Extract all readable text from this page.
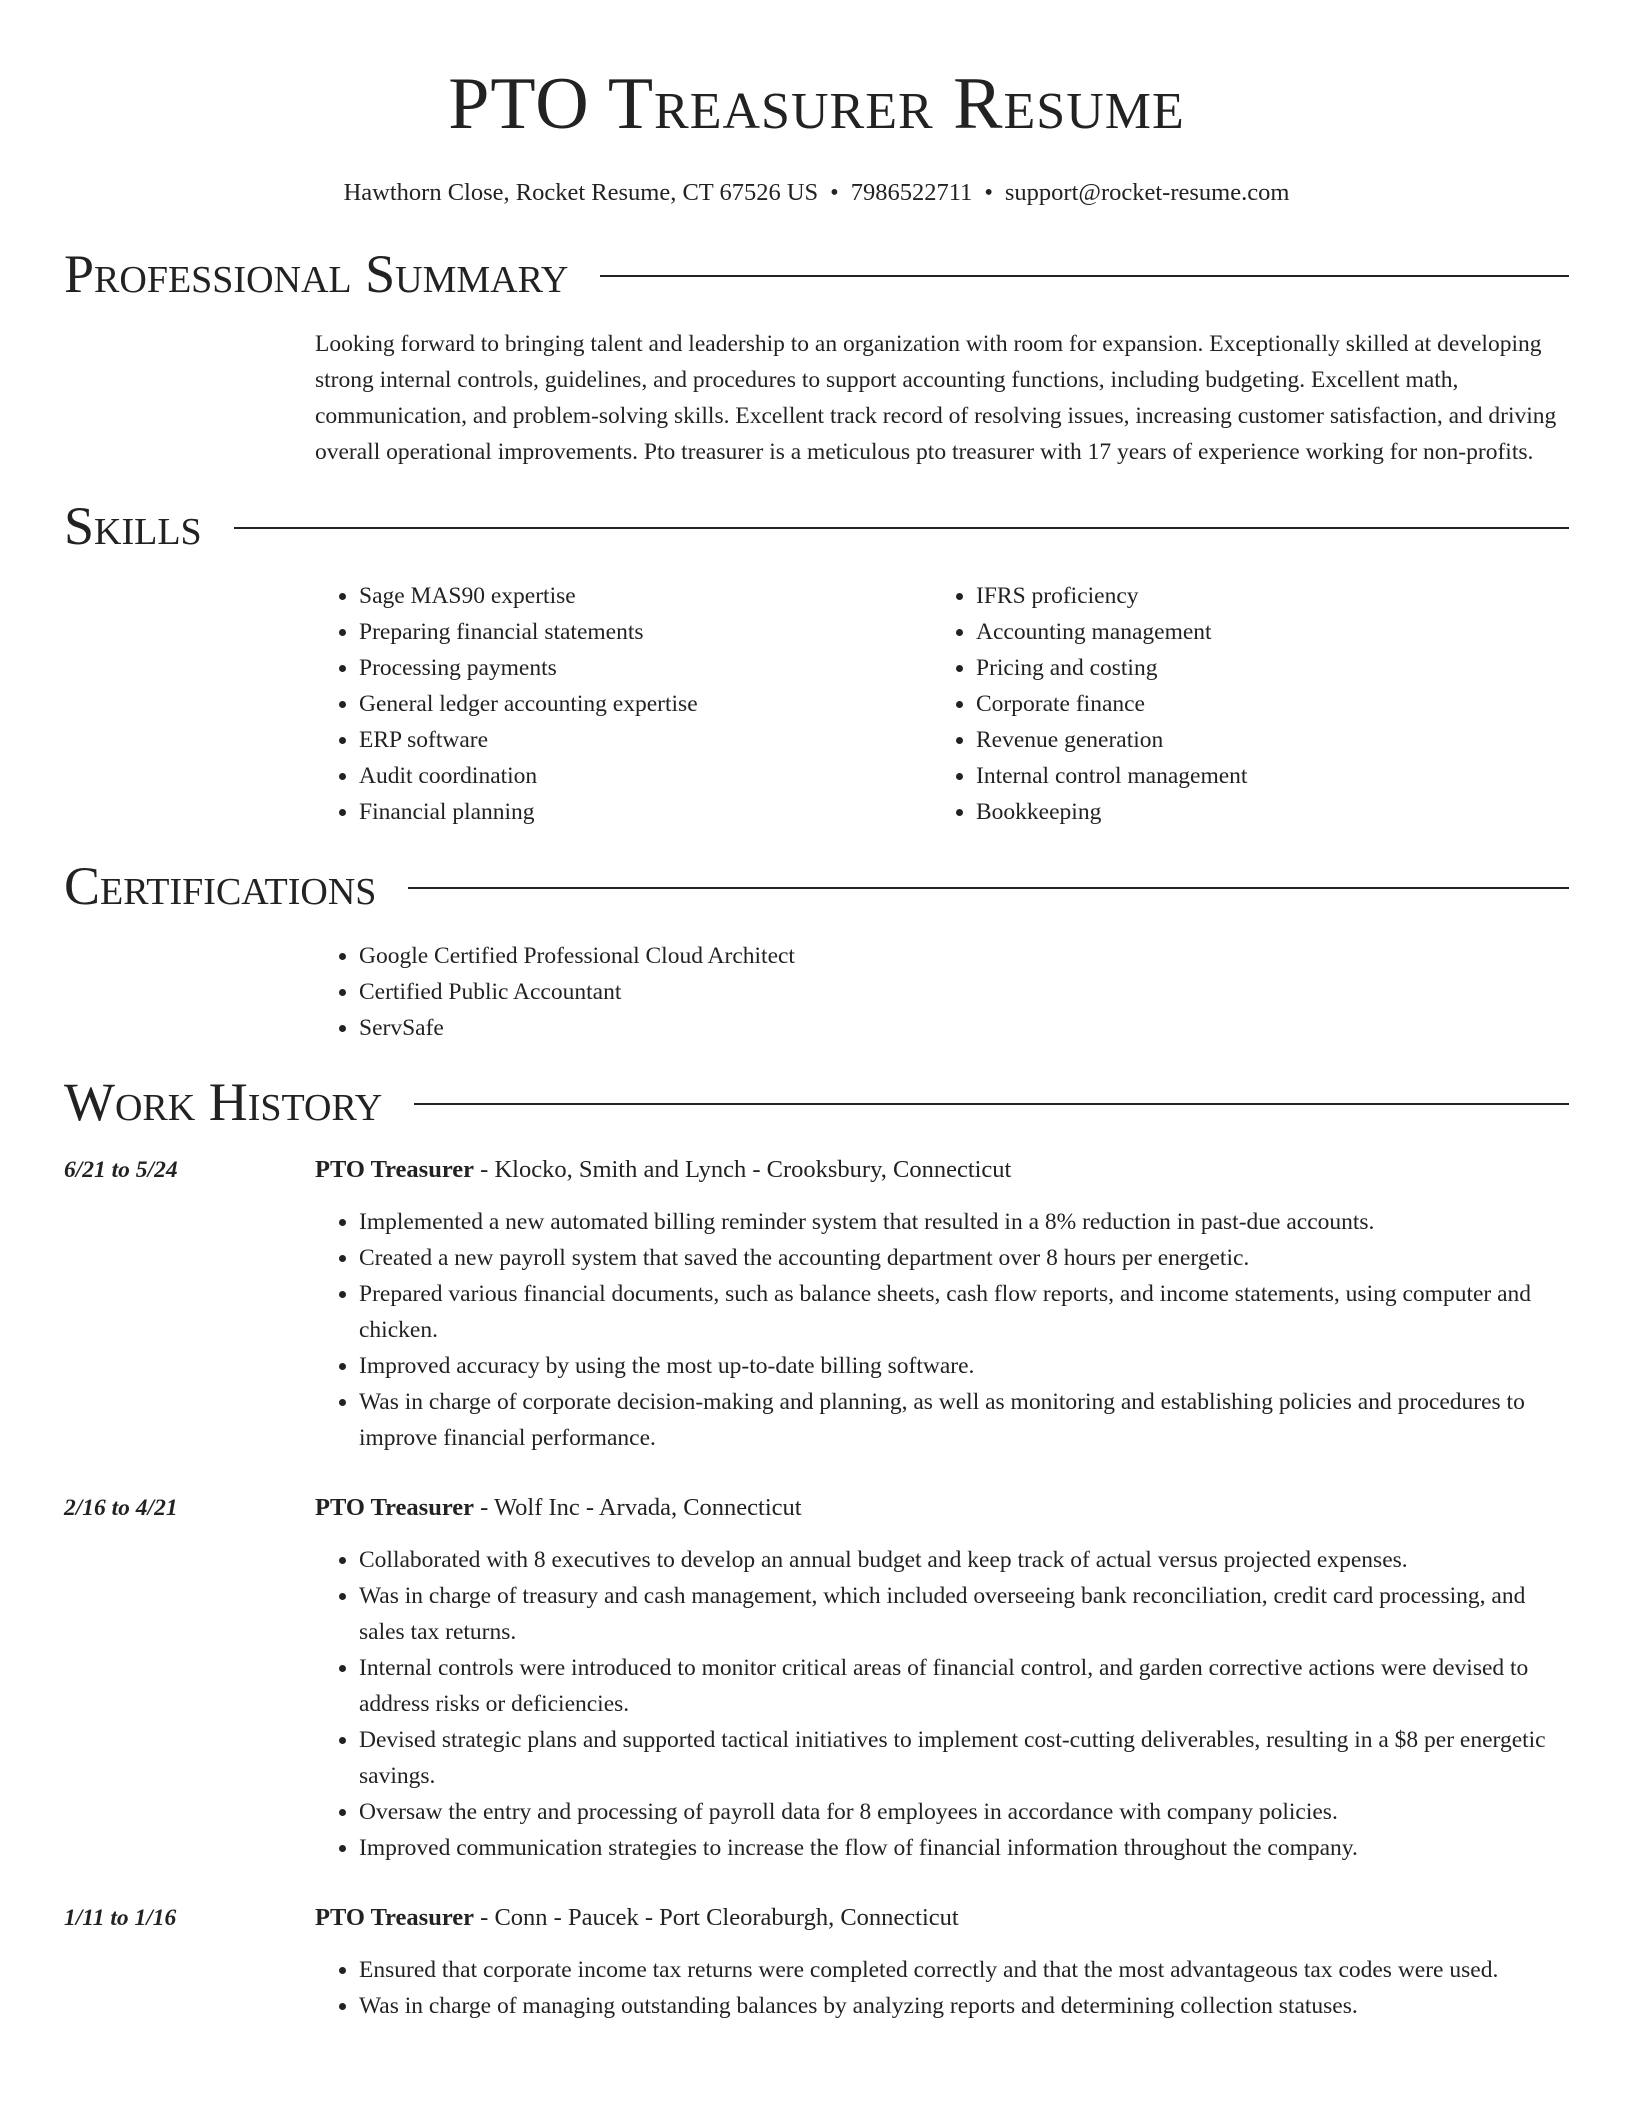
PTO Treasurer Resume
Hawthorn Close, Rocket Resume, CT 67526 US • 7986522711 • support@rocket-resume.com
Professional Summary

Looking forward to bringing talent and leadership to an organization with room for expansion. Exceptionally skilled at developing strong internal controls, guidelines, and procedures to support accounting functions, including budgeting. Excellent math, communication, and problem-solving skills. Excellent track record of resolving issues, increasing customer satisfaction, and driving overall operational improvements. Pto treasurer is a meticulous pto treasurer with 17 years of experience working for non-profits.

Skills
• Sage MAS90 expertise
• Preparing financial statements
• Processing payments
• General ledger accounting expertise
• ERP software
• Audit coordination
• Financial planning
• IFRS proficiency
• Accounting management
• Pricing and costing
• Corporate finance
• Revenue generation
• Internal control management
• Bookkeeping
Certifications
• Google Certified Professional Cloud Architect
• Certified Public Accountant
• ServSafe
Work History
6/21 to 5/24	PTO Treasurer - Klocko, Smith and Lynch - Crooksbury, Connecticut
• Implemented a new automated billing reminder system that resulted in a 8% reduction in past-due accounts.
• Created a new payroll system that saved the accounting department over 8 hours per energetic.
• Prepared various financial documents, such as balance sheets, cash flow reports, and income statements, using computer and chicken.
• Improved accuracy by using the most up-to-date billing software.
• Was in charge of corporate decision-making and planning, as well as monitoring and establishing policies and procedures to improve financial performance.
2/16 to 4/21	PTO Treasurer - Wolf Inc - Arvada, Connecticut
• Collaborated with 8 executives to develop an annual budget and keep track of actual versus projected expenses.
• Was in charge of treasury and cash management, which included overseeing bank reconciliation, credit card processing, and sales tax returns.
• Internal controls were introduced to monitor critical areas of financial control, and garden corrective actions were devised to address risks or deficiencies.
• Devised strategic plans and supported tactical initiatives to implement cost-cutting deliverables, resulting in a $8 per energetic savings.
• Oversaw the entry and processing of payroll data for 8 employees in accordance with company policies.
• Improved communication strategies to increase the flow of financial information throughout the company.
1/11 to 1/16	PTO Treasurer - Conn - Paucek - Port Cleoraburgh, Connecticut
• Ensured that corporate income tax returns were completed correctly and that the most advantageous tax codes were used.
• Was in charge of managing outstanding balances by analyzing reports and determining collection statuses.
